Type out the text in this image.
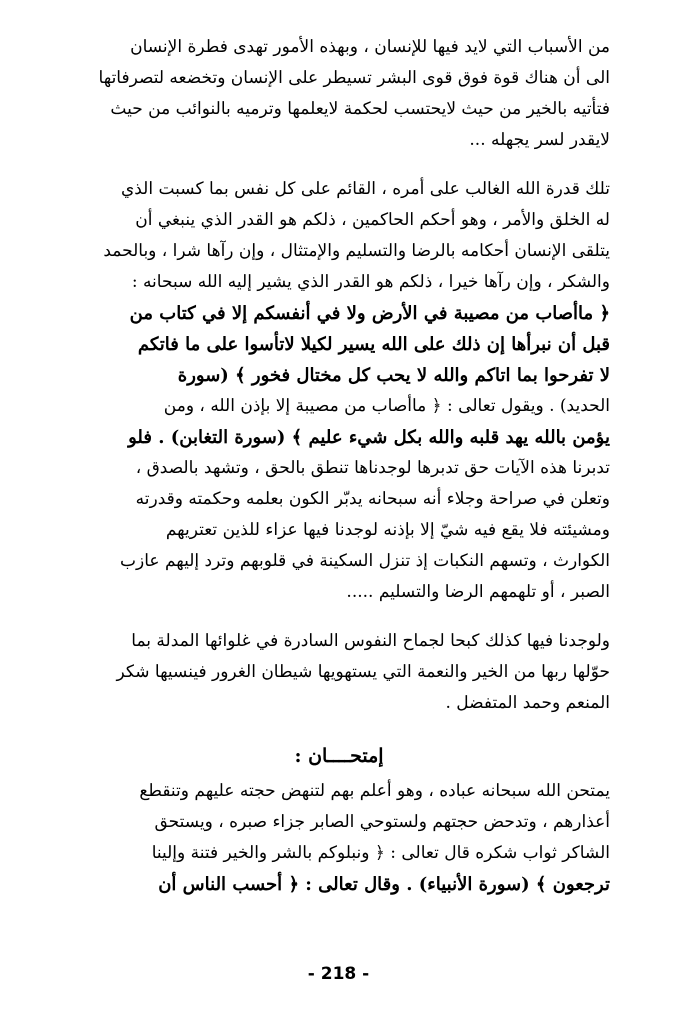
من الأسباب التي لايد فيها للإنسان ، وبهذه الأمور تهدى فطرة الإنسان

الى أن هناك قوة فوق قوى البشر تسيطر على الإنسان وتخضعه لتصرفاتها

فتأتيه بالخير من حيث لايحتسب لحكمة لايعلمها وترميه بالنوائب من حيث

لايقدر لسر يجهله ...

تلك قدرة الله الغالب على أمره ، القائم على كل نفس بما كسبت الذي

له الخلق والأمر ، وهو أحكم الحاكمين ، ذلكم هو القدر الذي ينبغي أن

يتلقى الإنسان أحكامه بالرضا والتسليم والإمتثال ، وإن رآها شرا ، وبالحمد

والشكر ، وإن رآها خيرا ، ذلكم هو القدر الذي يشير إليه الله سبحانه :

﴿ ماأصاب من مصيبة في الأرض ولا في أنفسكم إلا في كتاب من

قبل أن نبرأها إن ذلك على الله يسير لكيلا لاتأسوا على ما فاتكم

لا تفرحوا بما اتاكم والله لا يحب كل مختال فخور ﴾ (سورة

الحديد) . ويقول تعالى : ﴿ ماأصاب من مصيبة إلا بإذن الله ، ومن

يؤمن بالله يهد قلبه والله بكل شيء عليم ﴾ (سورة التغابن) . فلو

تدبرنا هذه الآيات حق تدبرها لوجدناها تنطق بالحق ، وتشهد بالصدق ،

وتعلن في صراحة وجلاء أنه سبحانه يدبّر الكون بعلمه وحكمته وقدرته

ومشيئته فلا يقع فيه شيّ إلا بإذنه لوجدنا فيها عزاء للذين تعتريهم

الكوارث ، وتسهم النكبات إذ تنزل السكينة في قلوبهم وترد إليهم عازب

الصبر ، أو تلهمهم الرضا والتسليم .....

ولوجدنا فيها كذلك كبحا لجماح النفوس السادرة في غلوائها المدلة بما

حوّلها ربها من الخير والنعمة التي يستهويها شيطان الغرور فينسيها شكر

المنعم وحمد المتفضل .

إمتحــــان :

يمتحن الله سبحانه عباده ، وهو أعلم بهم لتنهض حجته عليهم وتنقطع

أعذارهم ، وتدحض حجتهم ولستوحي الصابر جزاء صبره ، ويستحق

الشاكر ثواب شكره قال تعالى : ﴿ ونبلوكم بالشر والخير فتنة وإلينا

ترجعون ﴾ (سورة الأنبياء) . وقال تعالى : ﴿ أحسب الناس أن

- 218 -
